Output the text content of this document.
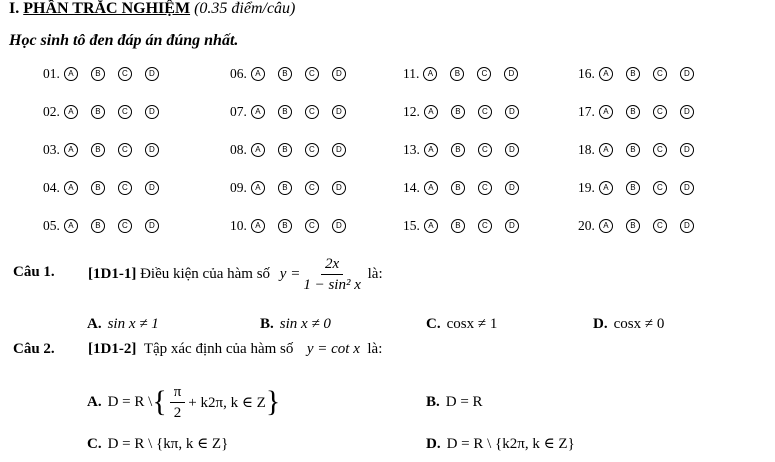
I. PHẦN TRẮC NGHIỆM (0.35 điểm/câu)
Học sinh tô đen đáp án đúng nhất.
01.	A	B	C	D
02.	A	B	C	D
03.	A	B	C	D
04.	A	B	C	D
05.	A	B	C	D
06.	A	B	C	D
07.	A	B	C	D
08.	A	B	C	D
09.	A	B	C	D
10.	A	B	C	D
11.	A	B	C	D
12.	A	B	C	D
13.	A	B	C	D
14.	A	B	C	D
15.	A	B	C	D
16.	A	B	C	D
17.	A	B	C	D
18.	A	B	C	D
19.	A	B	C	D
20.	A	B	C	D
Câu 1. [1D1-1]
Điều kiện của hàm số
$y = \frac{2x}{\text{1 − sin² x}}$
là:
A. sin x ≠ 1	B. sin x ≠ 0	C. cosx ≠ 1	D. cosx ≠ 0
Câu 2. [1D1-2] Tập xác định của hàm số y = cot x là:
A. D = R \ { $\frac{\pi}{2} + k2\pi$, k ∈ Z }	B. D = R
C. D = R \ {kπ, k ∈ Z}	D. D = R \ {k2π, k ∈ Z}
